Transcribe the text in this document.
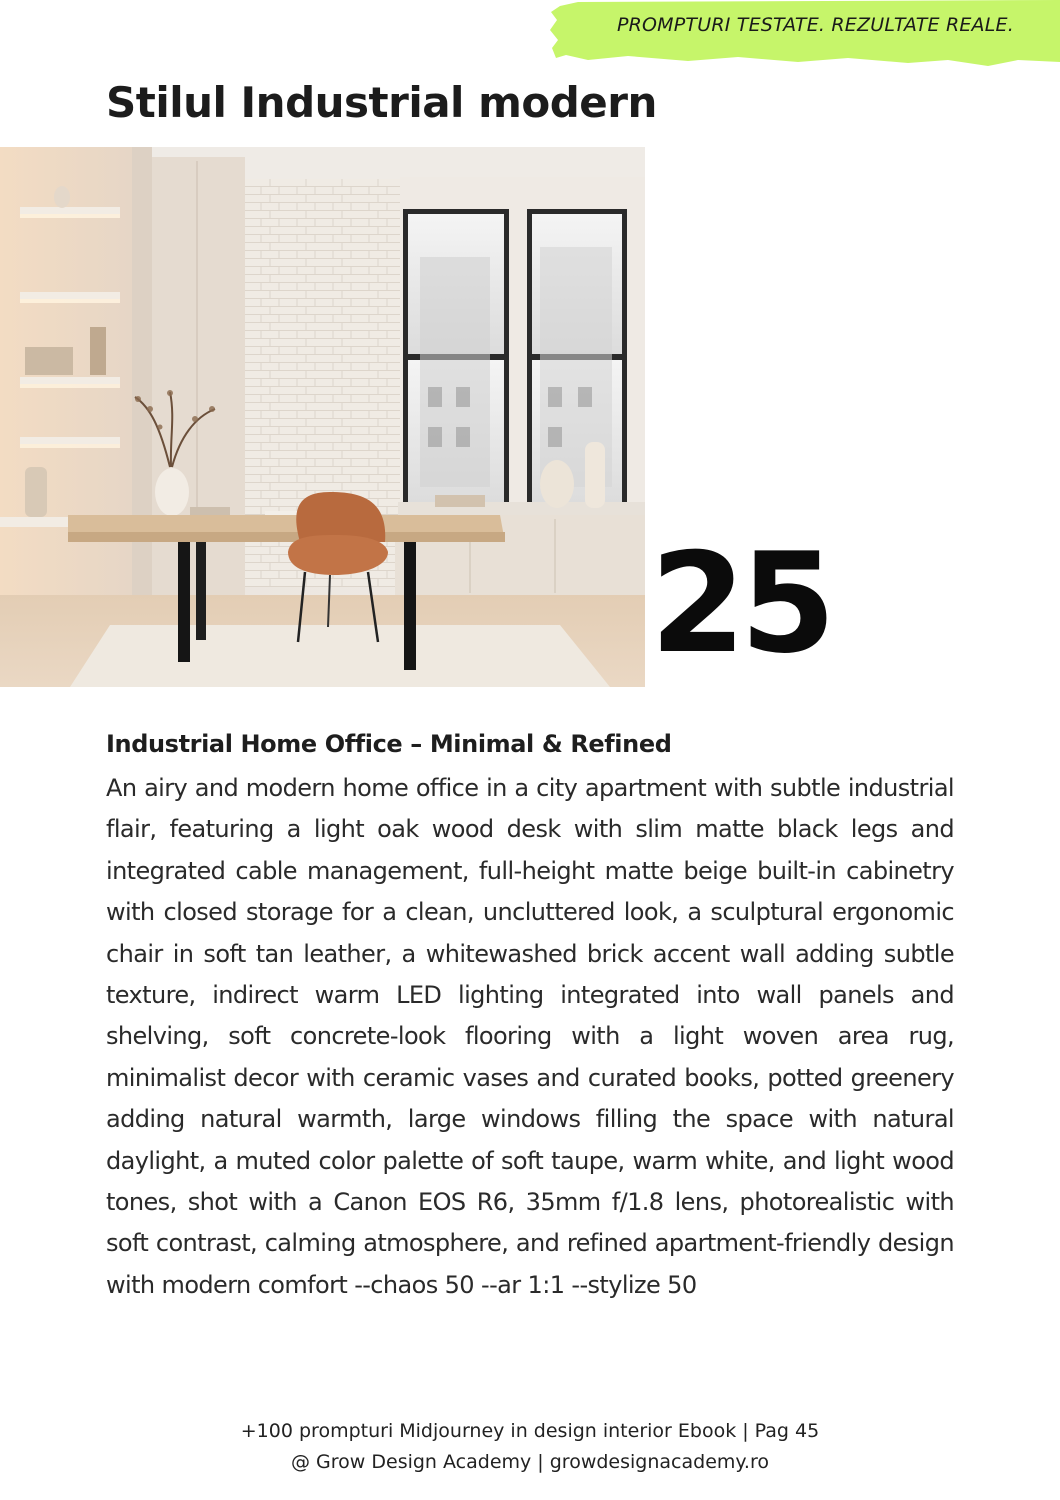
PROMPTURI TESTATE. REZULTATE REALE.
Stilul Industrial modern
25
Industrial Home Office – Minimal & Refined

An airy and modern home office in a city apartment with subtle industrial flair, featuring a light oak wood desk with slim matte black legs and integrated cable management, full-height matte beige built-in cabinetry with closed storage for a clean, uncluttered look, a sculptural ergonomic chair in soft tan leather, a whitewashed brick accent wall adding subtle texture, indirect warm LED lighting integrated into wall panels and shelving, soft concrete-look flooring with a light woven area rug, minimalist decor with ceramic vases and curated books, potted greenery adding natural warmth, large windows filling the space with natural daylight, a muted color palette of soft taupe, warm white, and light wood tones, shot with a Canon EOS R6, 35mm f/1.8 lens, photorealistic with soft contrast, calming atmosphere, and refined apartment-friendly design with modern comfort --chaos 50 --ar 1:1 --stylize 50

+100 prompturi Midjourney in design interior Ebook | Pag 45
@ Grow Design Academy | growdesignacademy.ro
